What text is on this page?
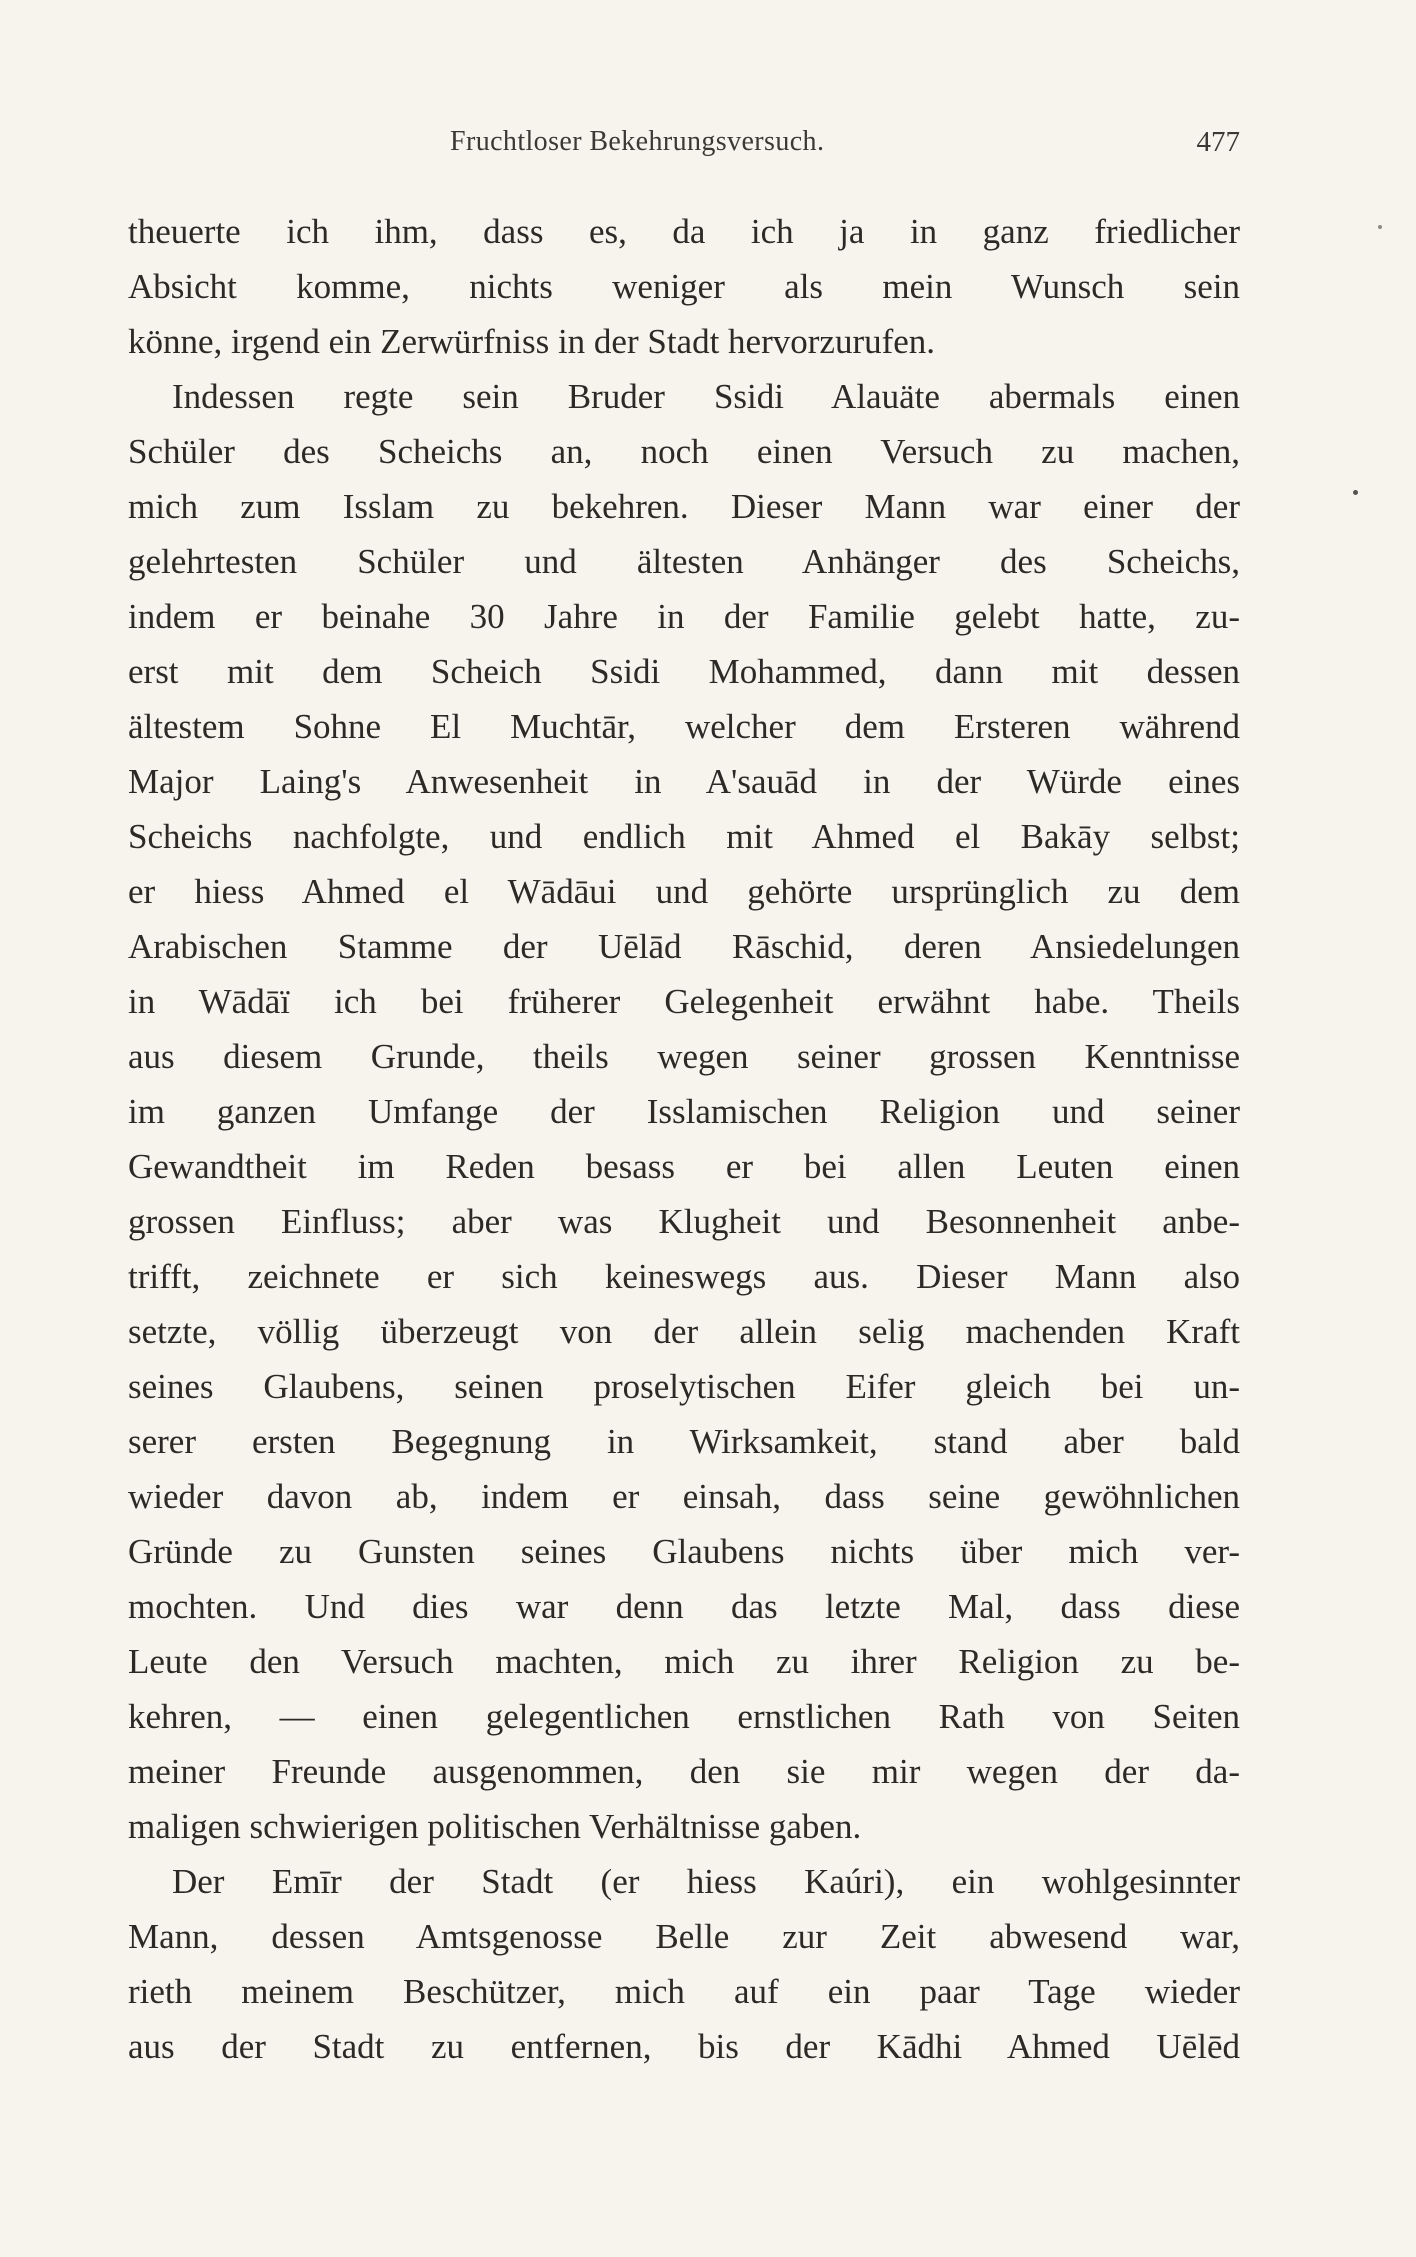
Fruchtloser Bekehrungsversuch.	477
theuerte ich ihm, dass es, da ich ja in ganz friedlicher
Absicht komme, nichts weniger als mein Wunsch sein
könne, irgend ein Zerwürfniss in der Stadt hervorzurufen.
Indessen regte sein Bruder Ssidi Alauäte abermals einen
Schüler des Scheichs an, noch einen Versuch zu machen,
mich zum Isslam zu bekehren. Dieser Mann war einer der
gelehrtesten Schüler und ältesten Anhänger des Scheichs,
indem er beinahe 30 Jahre in der Familie gelebt hatte, zu-
erst mit dem Scheich Ssidi Mohammed, dann mit dessen
ältestem Sohne El Muchtār, welcher dem Ersteren während
Major Laing's Anwesenheit in A'sauād in der Würde eines
Scheichs nachfolgte, und endlich mit Ahmed el Bakāy selbst;
er hiess Ahmed el Wādāui und gehörte ursprünglich zu dem
Arabischen Stamme der Uēlād Rāschid, deren Ansiedelungen
in Wādāï ich bei früherer Gelegenheit erwähnt habe. Theils
aus diesem Grunde, theils wegen seiner grossen Kenntnisse
im ganzen Umfange der Isslamischen Religion und seiner
Gewandtheit im Reden besass er bei allen Leuten einen
grossen Einfluss; aber was Klugheit und Besonnenheit anbe-
trifft, zeichnete er sich keineswegs aus. Dieser Mann also
setzte, völlig überzeugt von der allein selig machenden Kraft
seines Glaubens, seinen proselytischen Eifer gleich bei un-
serer ersten Begegnung in Wirksamkeit, stand aber bald
wieder davon ab, indem er einsah, dass seine gewöhnlichen
Gründe zu Gunsten seines Glaubens nichts über mich ver-
mochten. Und dies war denn das letzte Mal, dass diese
Leute den Versuch machten, mich zu ihrer Religion zu be-
kehren, — einen gelegentlichen ernstlichen Rath von Seiten
meiner Freunde ausgenommen, den sie mir wegen der da-
maligen schwierigen politischen Verhältnisse gaben.
Der Emīr der Stadt (er hiess Kaúri), ein wohlgesinnter
Mann, dessen Amtsgenosse Belle zur Zeit abwesend war,
rieth meinem Beschützer, mich auf ein paar Tage wieder
aus der Stadt zu entfernen, bis der Kādhi Ahmed Uēlēd
